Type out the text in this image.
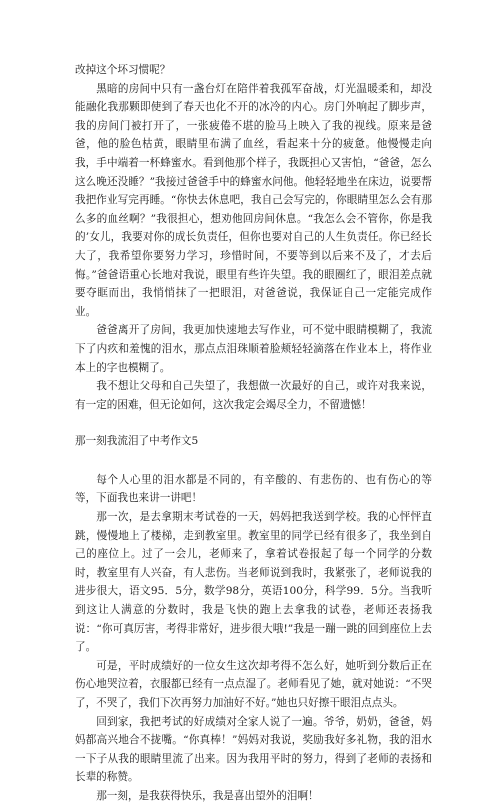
改掉这个坏习惯呢？

黑暗的房间中只有一盏台灯在陪伴着我孤军奋战，灯光温暖柔和，却没能融化我那颗即使到了春天也化不开的冰冷的内心。房门外响起了脚步声，我的房间门被打开了，一张疲倦不堪的脸马上映入了我的视线。原来是爸爸，他的脸色枯黄，眼睛里布满了血丝，看起来十分的疲惫。他慢慢走向我，手中端着一杯蜂蜜水。看到他那个样子，我既担心又害怕，“爸爸，怎么这么晚还没睡？”我接过爸爸手中的蜂蜜水问他。他轻轻地坐在床边，说要帮我把作业写完再睡。“你快去休息吧，我自己会写完的，你眼睛里怎么会有那么多的血丝啊？”我很担心，想劝他回房间休息。“我怎么会不管你，你是我的’女儿，我要对你的成长负责任，但你也要对自己的人生负责任。你已经长大了，我希望你要努力学习，珍惜时间，不要等到以后来不及了，才去后悔。”爸爸语重心长地对我说，眼里有些许失望。我的眼圈红了，眼泪差点就要夺眶而出，我悄悄抹了一把眼泪，对爸爸说，我保证自己一定能完成作业。

爸爸离开了房间，我更加快速地去写作业，可不觉中眼睛模糊了，我流下了内疚和羞愧的泪水，那点点泪珠顺着脸颊轻轻滴落在作业本上，将作业本上的字也模糊了。

我不想让父母和自己失望了，我想做一次最好的自己，或许对我来说，有一定的困难，但无论如何，这次我定会竭尽全力，不留遗憾！

那一刻我流泪了中考作文5

每个人心里的泪水都是不同的，有辛酸的、有悲伤的、也有伤心的等等，下面我也来讲一讲吧！

那一次，是去拿期末考试卷的一天，妈妈把我送到学校。我的心怦怦直跳，慢慢地上了楼梯，走到教室里。教室里的同学已经有很多了，我坐到自己的座位上。过了一会儿，老师来了，拿着试卷报起了每一个同学的分数时，教室里有人兴奋，有人悲伤。当老师说到我时，我紧张了，老师说我的进步很大，语文95．5分，数学98分，英语100分，科学99．5分。当我听到这让人满意的分数时，我是飞快的跑上去拿我的试卷，老师还表扬我说：“你可真厉害，考得非常好，进步很大哦!”我是一蹦一跳的回到座位上去了。

可是，平时成绩好的一位女生这次却考得不怎么好，她听到分数后正在伤心地哭泣着，衣服都已经有一点点湿了。老师看见了她，就对她说：“不哭了，不哭了，我们下次再努力加油好不好。”她也只好擦干眼泪点点头。

回到家，我把考试的好成绩对全家人说了一遍。爷爷，奶奶，爸爸，妈妈都高兴地合不拢嘴。“你真棒！”妈妈对我说，奖励我好多礼物，我的泪水一下子从我的眼睛里流了出来。因为我用平时的努力，得到了老师的表扬和长辈的称赞。

那一刻，是我获得快乐，我是喜出望外的泪啊！
